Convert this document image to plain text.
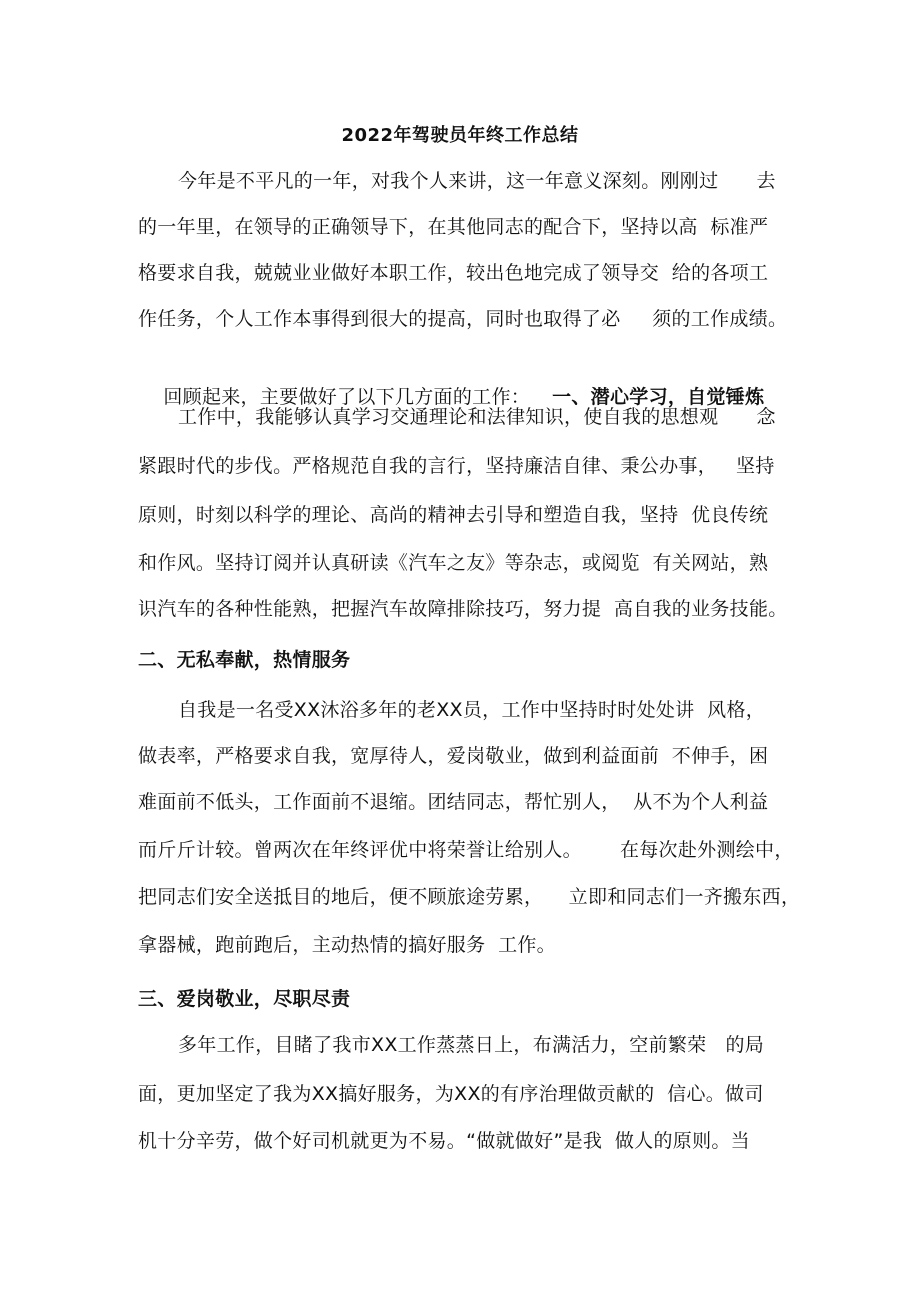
2022年驾驶员年终工作总结
今年是不平凡的一年，对我个人来讲，这一年意义深刻。刚刚过      去
的一年里，在领导的正确领导下，在其他同志的配合下，坚持以高  标准严
格要求自我，兢兢业业做好本职工作，较出色地完成了领导交  给的各项工
作任务，个人工作本事得到很大的提高，同时也取得了必     须的工作成绩。

回顾起来，主要做好了以下几方面的工作： 一、潜心学习，自觉锤炼

工作中，我能够认真学习交通理论和法律知识，使自我的思想观      念
紧跟时代的步伐。严格规范自我的言行，坚持廉洁自律、秉公办事，   坚持
原则，时刻以科学的理论、高尚的精神去引导和塑造自我，坚持  优良传统
和作风。坚持订阅并认真研读《汽车之友》等杂志，或阅览  有关网站，熟
识汽车的各种性能熟，把握汽车故障排除技巧，努力提  高自我的业务技能。
二、无私奉献，热情服务
自我是一名受XX沐浴多年的老XX员，工作中坚持时时处处讲  风格，
做表率，严格要求自我，宽厚待人，爱岗敬业，做到利益面前  不伸手，困
难面前不低头，工作面前不退缩。团结同志，帮忙别人，  从不为个人利益
而斤斤计较。曾两次在年终评优中将荣誉让给别人。      在每次赴外测绘中，
把同志们安全送抵目的地后，便不顾旅途劳累，    立即和同志们一齐搬东西，
拿器械，跑前跑后，主动热情的搞好服务  工作。
三、爱岗敬业，尽职尽责
多年工作，目睹了我市XX工作蒸蒸日上，布满活力，空前繁荣   的局
面，更加坚定了我为XX搞好服务，为XX的有序治理做贡献的  信心。做司
机十分辛劳，做个好司机就更为不易。“做就做好”是我  做人的原则。当
